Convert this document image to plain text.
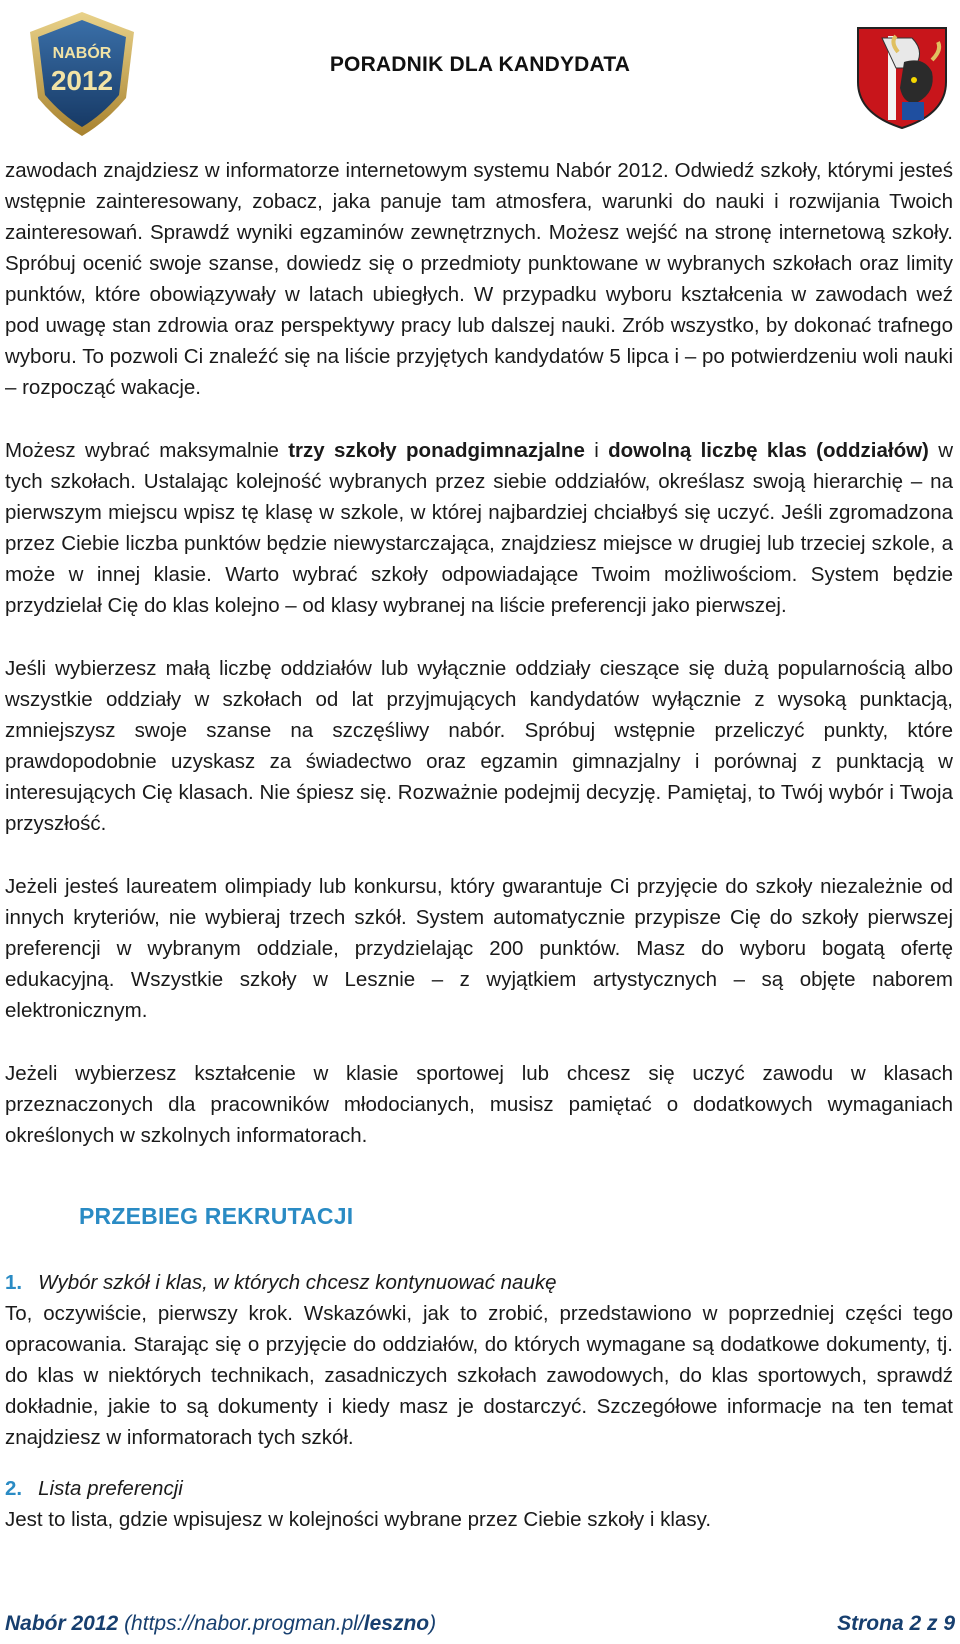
NABÓR
2012
PORADNIK DLA KANDYDATA

zawodach znajdziesz w informatorze internetowym systemu Nabór 2012. Odwiedź szkoły, którymi jesteś wstępnie zainteresowany, zobacz, jaka panuje tam atmosfera, warunki do nauki i rozwijania Twoich zainteresowań. Sprawdź wyniki egzaminów zewnętrznych. Możesz wejść na stronę internetową szkoły. Spróbuj ocenić swoje szanse, dowiedz się o przedmioty punktowane w wybranych szkołach oraz limity punktów, które obowiązywały w latach ubiegłych. W przypadku wyboru kształcenia w zawodach weź pod uwagę stan zdrowia oraz perspektywy pracy lub dalszej nauki. Zrób wszystko, by dokonać trafnego wyboru. To pozwoli Ci znaleźć się na liście przyjętych kandydatów 5 lipca i – po potwierdzeniu woli nauki – rozpocząć wakacje.

Możesz wybrać maksymalnie trzy szkoły ponadgimnazjalne i dowolną liczbę klas (oddziałów) w tych szkołach. Ustalając kolejność wybranych przez siebie oddziałów, określasz swoją hierarchię – na pierwszym miejscu wpisz tę klasę w szkole, w której najbardziej chciałbyś się uczyć. Jeśli zgromadzona przez Ciebie liczba punktów będzie niewystarczająca, znajdziesz miejsce w drugiej lub trzeciej szkole, a może w innej klasie. Warto wybrać szkoły odpowiadające Twoim możliwościom. System będzie przydzielał Cię do klas kolejno – od klasy wybranej na liście preferencji jako pierwszej.

Jeśli wybierzesz małą liczbę oddziałów lub wyłącznie oddziały cieszące się dużą popularnością albo wszystkie oddziały w szkołach od lat przyjmujących kandydatów wyłącznie z wysoką punktacją, zmniejszysz swoje szanse na szczęśliwy nabór. Spróbuj wstępnie przeliczyć punkty, które prawdopodobnie uzyskasz za świadectwo oraz egzamin gimnazjalny i porównaj z punktacją w interesujących Cię klasach. Nie śpiesz się. Rozważnie podejmij decyzję. Pamiętaj, to Twój wybór i Twoja przyszłość.

Jeżeli jesteś laureatem olimpiady lub konkursu, który gwarantuje Ci przyjęcie do szkoły niezależnie od innych kryteriów, nie wybieraj trzech szkół. System automatycznie przypisze Cię do szkoły pierwszej preferencji w wybranym oddziale, przydzielając 200 punktów. Masz do wyboru bogatą ofertę edukacyjną. Wszystkie szkoły w Lesznie – z wyjątkiem artystycznych – są objęte naborem elektronicznym.

Jeżeli wybierzesz kształcenie w klasie sportowej lub chcesz się uczyć zawodu w klasach przeznaczonych dla pracowników młodocianych, musisz pamiętać o dodatkowych wymaganiach określonych w szkolnych informatorach.

PRZEBIEG REKRUTACJI
1. Wybór szkół i klas, w których chcesz kontynuować naukę

To, oczywiście, pierwszy krok. Wskazówki, jak to zrobić, przedstawiono w poprzedniej części tego opracowania. Starając się o przyjęcie do oddziałów, do których wymagane są dodatkowe dokumenty, tj. do klas w niektórych technikach, zasadniczych szkołach zawodowych, do klas sportowych, sprawdź dokładnie, jakie to są dokumenty i kiedy masz je dostarczyć. Szczegółowe informacje na ten temat znajdziesz w informatorach tych szkół.

2. Lista preferencji

Jest to lista, gdzie wpisujesz w kolejności wybrane przez Ciebie szkoły i klasy.

Nabór 2012 (https://nabor.progman.pl/leszno)	Strona 2 z 9
